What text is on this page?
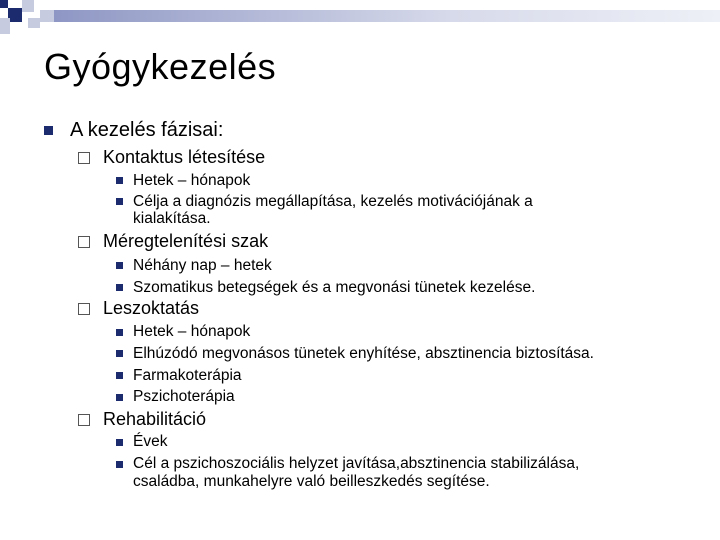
Gyógykezelés
A kezelés fázisai:
Kontaktus létesítése
Hetek – hónapok
Célja a diagnózis megállapítása, kezelés motivációjának a
kialakítása.
Méregtelenítési szak
Néhány nap – hetek
Szomatikus betegségek és a megvonási tünetek kezelése.
Leszoktatás
Hetek – hónapok
Elhúzódó megvonásos tünetek enyhítése, absztinencia biztosítása.
Farmakoterápia
Pszichoterápia
Rehabilitáció
Évek
Cél a pszichoszociális helyzet javítása,absztinencia stabilizálása,
családba, munkahelyre való beilleszkedés segítése.
